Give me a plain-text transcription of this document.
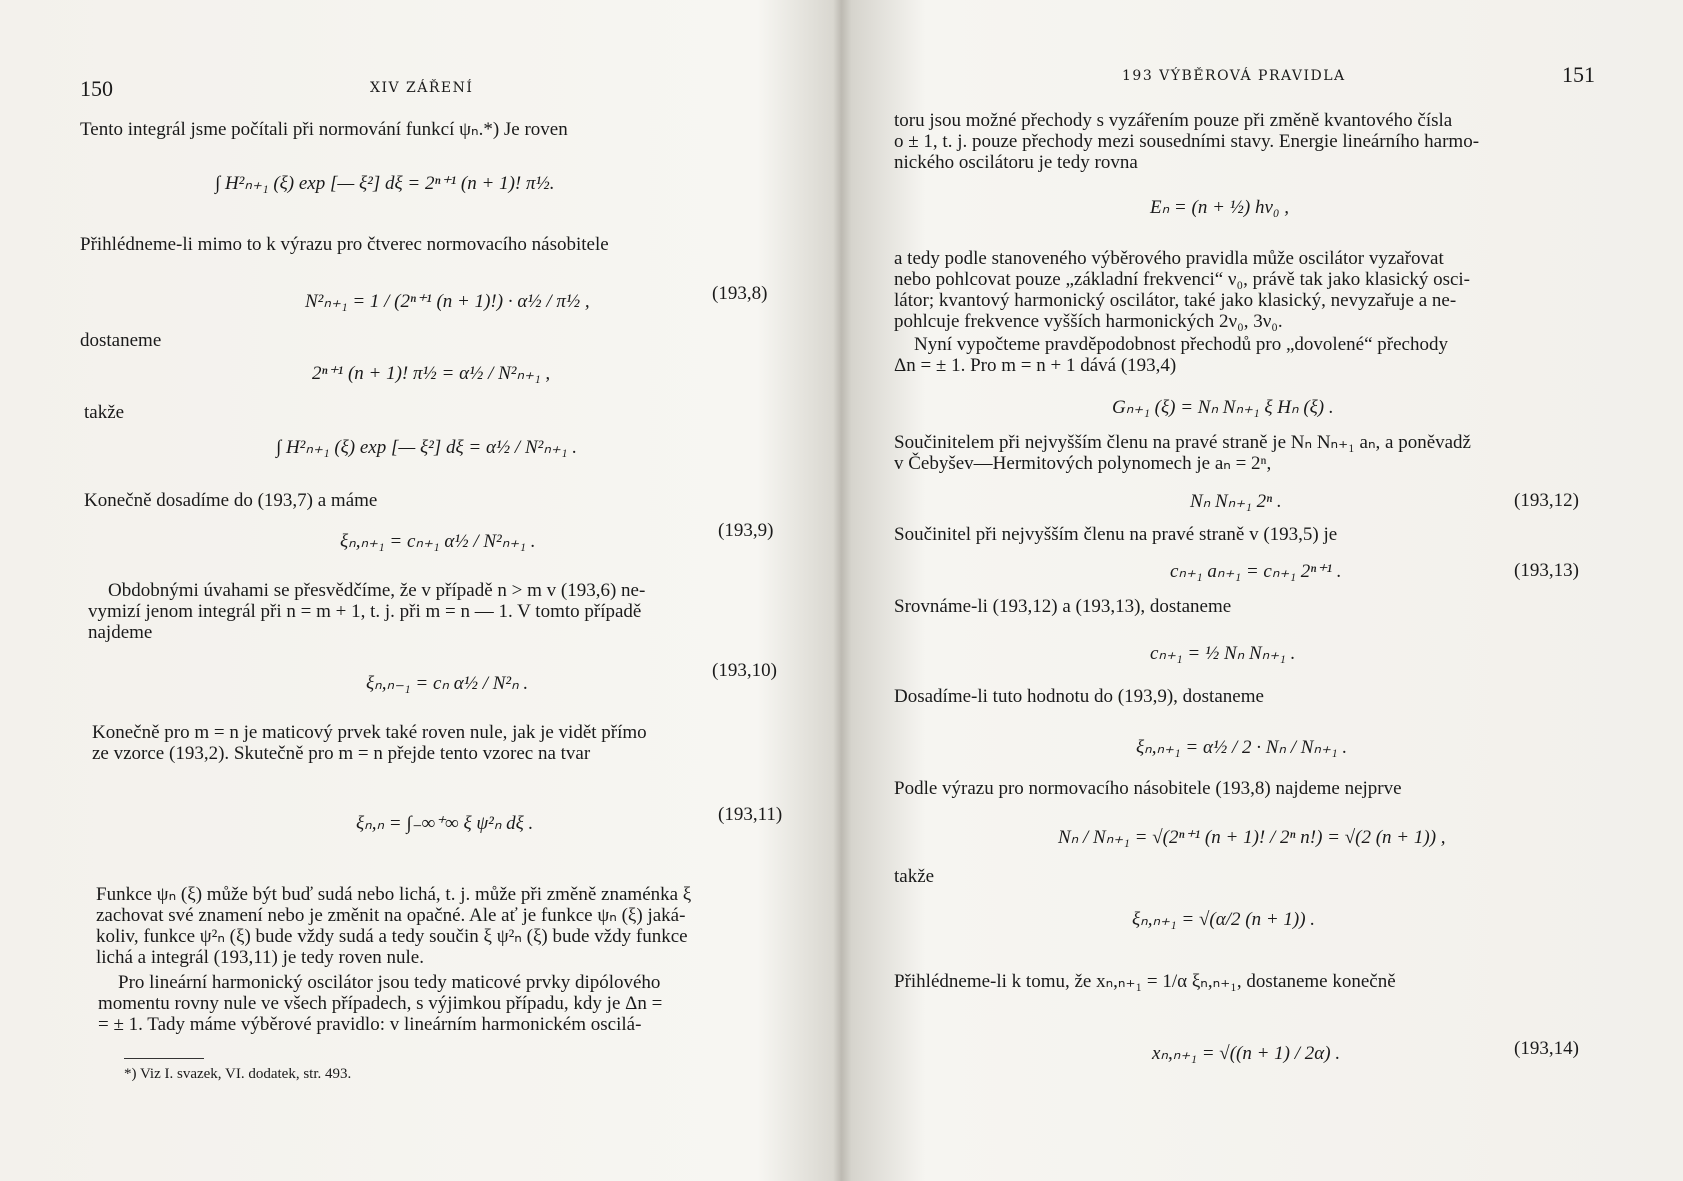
150	XIV ZÁŘENÍ
Tento integrál jsme počítali při normování funkcí ψₙ.*) Je roven
∫ H²ₙ₊₁ (ξ) exp [— ξ²] dξ = 2ⁿ⁺¹ (n + 1)! π½.
Přihlédneme-li mimo to k výrazu pro čtverec normovacího násobitele
N²ₙ₊₁ = 1 / (2ⁿ⁺¹ (n + 1)!) · α½ / π½ ,	(193,8)
dostaneme
2ⁿ⁺¹ (n + 1)! π½ = α½ / N²ₙ₊₁ ,
takže
∫ H²ₙ₊₁ (ξ) exp [— ξ²] dξ = α½ / N²ₙ₊₁ .
Konečně dosadíme do (193,7) a máme
ξₙ,ₙ₊₁ = cₙ₊₁ α½ / N²ₙ₊₁ .
(193,9)
Obdobnými úvahami se přesvědčíme, že v případě n > m v (193,6) ne-
vymizí jenom integrál při n = m + 1, t. j. při m = n — 1. V tomto případě
najdeme
ξₙ,ₙ₋₁ = cₙ α½ / N²ₙ .
(193,10)
Konečně pro m = n je maticový prvek také roven nule, jak je vidět přímo
ze vzorce (193,2). Skutečně pro m = n přejde tento vzorec na tvar
ξₙ,ₙ = ∫₋∞⁺∞ ξ ψ²ₙ dξ .	(193,11)
Funkce ψₙ (ξ) může být buď sudá nebo lichá, t. j. může při změně znaménka ξ
zachovat své znamení nebo je změnit na opačné. Ale ať je funkce ψₙ (ξ) jaká-
koliv, funkce ψ²ₙ (ξ) bude vždy sudá a tedy součin ξ ψ²ₙ (ξ) bude vždy funkce
lichá a integrál (193,11) je tedy roven nule.
Pro lineární harmonický oscilátor jsou tedy maticové prvky dipólového
momentu rovny nule ve všech případech, s výjimkou případu, kdy je Δn =
= ± 1. Tady máme výběrové pravidlo: v lineárním harmonickém oscilá-
*) Viz I. svazek, VI. dodatek, str. 493.
193 VÝBĚROVÁ PRAVIDLA	151
toru jsou možné přechody s vyzářením pouze při změně kvantového čísla
o ± 1, t. j. pouze přechody mezi sousedními stavy. Energie lineárního harmo-
nického oscilátoru je tedy rovna
Eₙ = (n + ½) hν₀ ,
a tedy podle stanoveného výběrového pravidla může oscilátor vyzařovat
nebo pohlcovat pouze „základní frekvenci“ ν₀, právě tak jako klasický osci-
látor; kvantový harmonický oscilátor, také jako klasický, nevyzařuje a ne-
pohlcuje frekvence vyšších harmonických 2ν₀, 3ν₀.
Nyní vypočteme pravděpodobnost přechodů pro „dovolené“ přechody
Δn = ± 1. Pro m = n + 1 dává (193,4)
Gₙ₊₁ (ξ) = Nₙ Nₙ₊₁ ξ Hₙ (ξ) .
Součinitelem při nejvyšším členu na pravé straně je Nₙ Nₙ₊₁ aₙ, a poněvadž
v Čebyšev—Hermitových polynomech je aₙ = 2ⁿ,
Nₙ Nₙ₊₁ 2ⁿ .	(193,12)
Součinitel při nejvyšším členu na pravé straně v (193,5) je
cₙ₊₁ aₙ₊₁ = cₙ₊₁ 2ⁿ⁺¹ .	(193,13)
Srovnáme-li (193,12) a (193,13), dostaneme
cₙ₊₁ = ½ Nₙ Nₙ₊₁ .
Dosadíme-li tuto hodnotu do (193,9), dostaneme
ξₙ,ₙ₊₁ = α½ / 2 · Nₙ / Nₙ₊₁ .
Podle výrazu pro normovacího násobitele (193,8) najdeme nejprve
Nₙ / Nₙ₊₁ = √(2ⁿ⁺¹ (n + 1)! / 2ⁿ n!) = √(2 (n + 1)) ,
takže
ξₙ,ₙ₊₁ = √(α/2 (n + 1)) .
Přihlédneme-li k tomu, že xₙ,ₙ₊₁ = 1/α ξₙ,ₙ₊₁, dostaneme konečně
xₙ,ₙ₊₁ = √((n + 1) / 2α) .	(193,14)
